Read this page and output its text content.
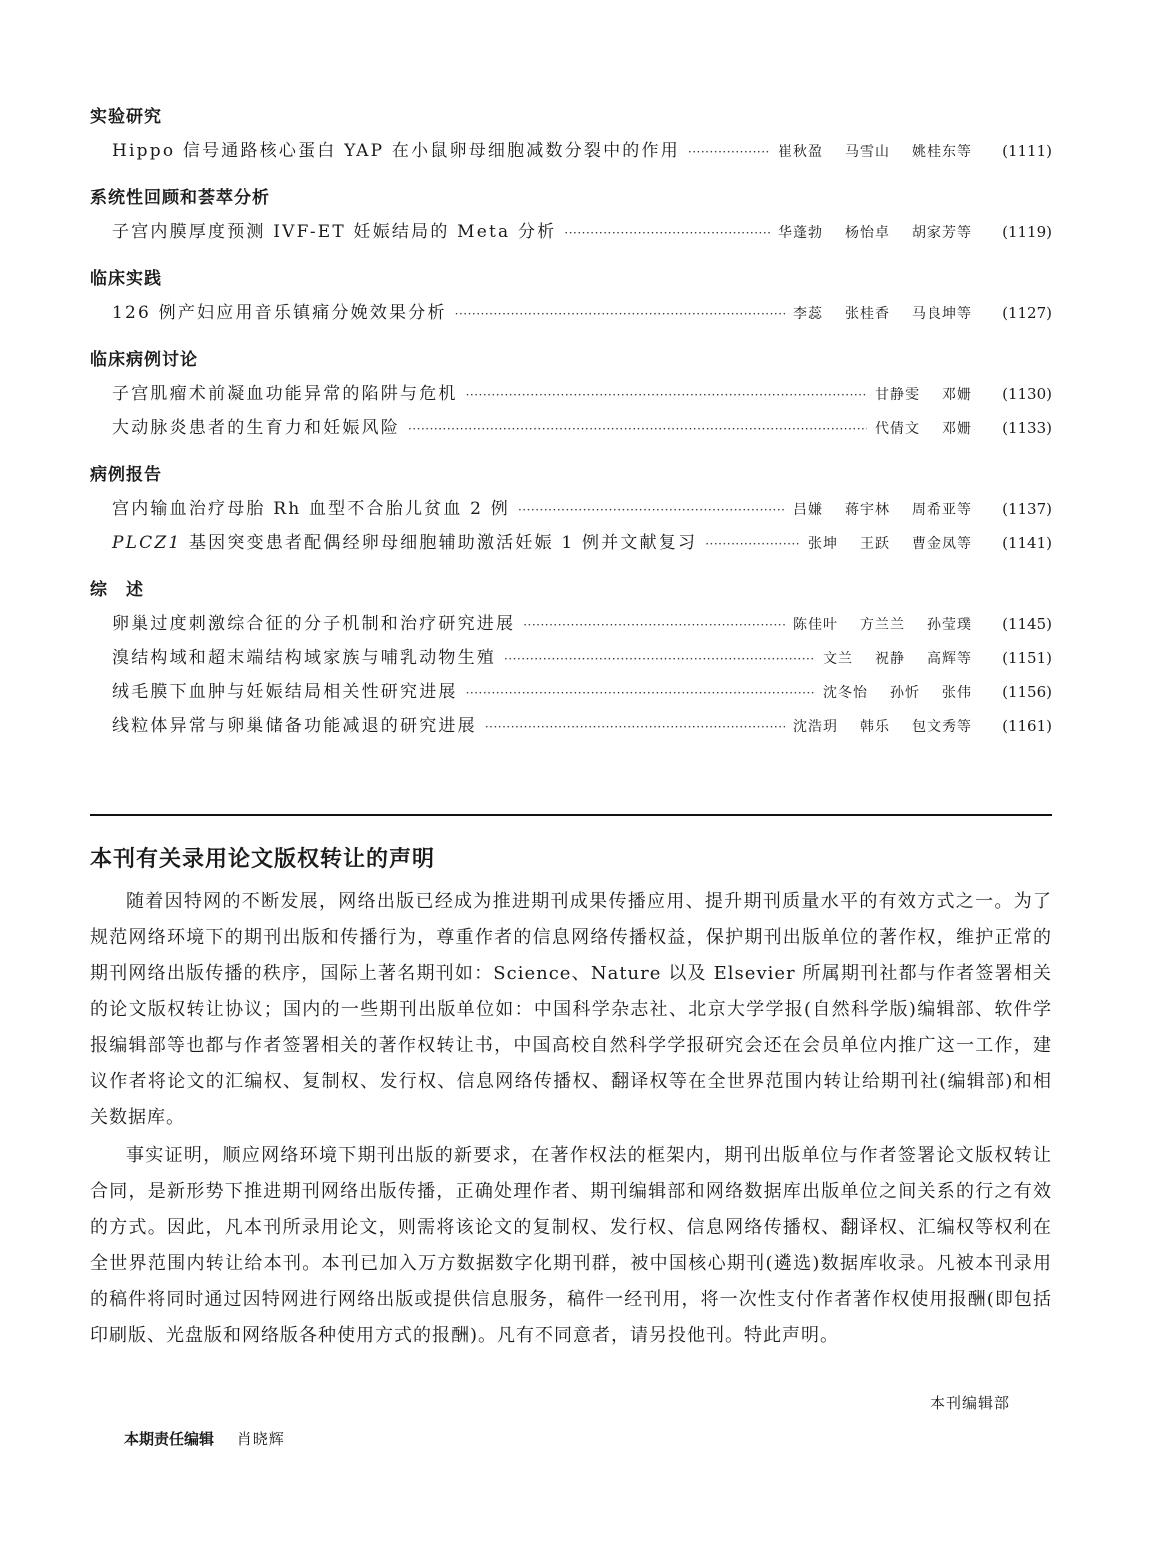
实验研究
Hippo 信号通路核心蛋白 YAP 在小鼠卵母细胞减数分裂中的作用 ·····	崔秋盈 马雪山 姚桂东等	(1111)
系统性回顾和荟萃分析
子宫内膜厚度预测 IVF-ET 妊娠结局的 Meta 分析 ·····	华蓬勃 杨怡卓 胡家芳等	(1119)
临床实践
126 例产妇应用音乐镇痛分娩效果分析 ·····	李蕊 张桂香 马良坤等	(1127)
临床病例讨论
子宫肌瘤术前凝血功能异常的陷阱与危机 ·····	甘静雯 邓姗	(1130)
大动脉炎患者的生育力和妊娠风险 ·····	代倩文 邓姗	(1133)
病例报告
宫内输血治疗母胎 Rh 血型不合胎儿贫血 2 例 ·····	吕嫌 蒋宇林 周希亚等	(1137)
PLCZ1 基因突变患者配偶经卵母细胞辅助激活妊娠 1 例并文献复习 ·····	张坤 王跃 曹金凤等	(1141)
综　述
卵巢过度刺激综合征的分子机制和治疗研究进展 ·····	陈佳叶 方兰兰 孙莹璞	(1145)
溴结构域和超末端结构域家族与哺乳动物生殖 ·····	文兰 祝静 高辉等	(1151)
绒毛膜下血肿与妊娠结局相关性研究进展 ·····	沈冬怡 孙忻 张伟	(1156)
线粒体异常与卵巢储备功能减退的研究进展 ·····	沈浩玥 韩乐 包文秀等	(1161)
本刊有关录用论文版权转让的声明

随着因特网的不断发展，网络出版已经成为推进期刊成果传播应用、提升期刊质量水平的有效方式之一。为了规范网络环境下的期刊出版和传播行为，尊重作者的信息网络传播权益，保护期刊出版单位的著作权，维护正常的期刊网络出版传播的秩序，国际上著名期刊如：Science、Nature 以及 Elsevier 所属期刊社都与作者签署相关的论文版权转让协议；国内的一些期刊出版单位如：中国科学杂志社、北京大学学报(自然科学版)编辑部、软件学报编辑部等也都与作者签署相关的著作权转让书，中国高校自然科学学报研究会还在会员单位内推广这一工作，建议作者将论文的汇编权、复制权、发行权、信息网络传播权、翻译权等在全世界范围内转让给期刊社(编辑部)和相关数据库。

事实证明，顺应网络环境下期刊出版的新要求，在著作权法的框架内，期刊出版单位与作者签署论文版权转让合同，是新形势下推进期刊网络出版传播，正确处理作者、期刊编辑部和网络数据库出版单位之间关系的行之有效的方式。因此，凡本刊所录用论文，则需将该论文的复制权、发行权、信息网络传播权、翻译权、汇编权等权利在全世界范围内转让给本刊。本刊已加入万方数据数字化期刊群，被中国核心期刊(遴选)数据库收录。凡被本刊录用的稿件将同时通过因特网进行网络出版或提供信息服务，稿件一经刊用，将一次性支付作者著作权使用报酬(即包括印刷版、光盘版和网络版各种使用方式的报酬)。凡有不同意者，请另投他刊。特此声明。

本刊编辑部
本期责任编辑 肖晓辉
